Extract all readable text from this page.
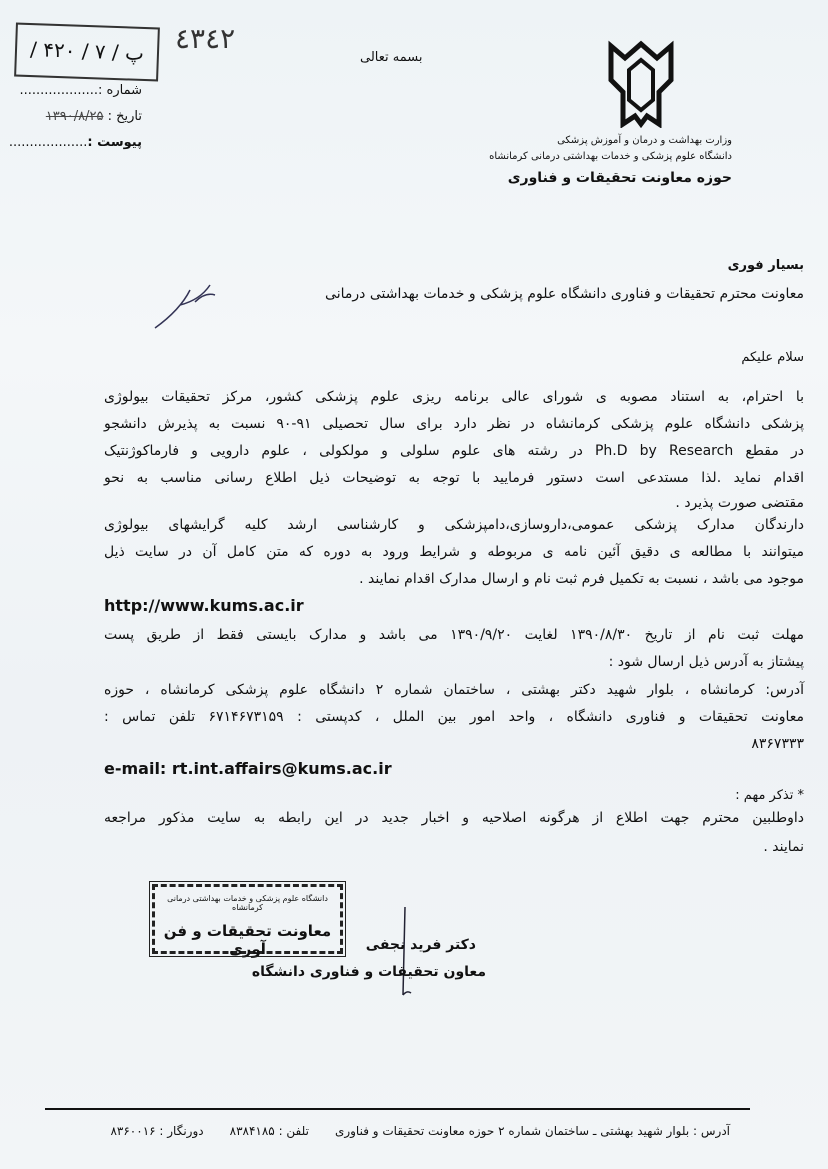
/ ۴۲۰ / ۷ / پ	٤٣٤٢
بسمه تعالی
شماره :...................
تاریخ : ۱۳۹۰/۸/۲۵
پیوست :...................	وزارت بهداشت و درمان و آموزش پزشکی
دانشگاه علوم پزشکی و خدمات بهداشتی درمانی کرمانشاه
حوزه معاونت تحقیقات و فناوری
بسیار فوری
معاونت محترم تحقیقات و فناوری دانشگاه علوم پزشکی و خدمات بهداشتی درمانی
سلام علیکم
با احترام، به استناد مصوبه ی شورای عالی برنامه ریزی علوم پزشکی کشور، مرکز تحقیقات بیولوژی
پزشکی دانشگاه علوم پزشکی کرمانشاه در نظر دارد برای سال تحصیلی ۹۱-۹۰ نسبت به پذیرش دانشجو
در مقطع Ph.D by Research در رشته های علوم سلولی و مولکولی ، علوم دارویی و فارماکوژنتیک
اقدام نماید .لذا مستدعی است دستور فرمایید با توجه به توضیحات ذیل اطلاع رسانی مناسب به نحو
مقتضی صورت پذیرد .
دارندگان مدارک پزشکی عمومی،داروسازی،دامپزشکی و کارشناسی ارشد کلیه گرایشهای بیولوژی
میتوانند با مطالعه ی دقیق آئین نامه ی مربوطه و شرایط ورود به دوره که متن کامل آن در سایت ذیل
موجود می باشد ، نسبت به تکمیل فرم ثبت نام و ارسال مدارک اقدام نمایند .
http://www.kums.ac.ir
مهلت ثبت نام از تاریخ ۱۳۹۰/۸/۳۰ لغایت ۱۳۹۰/۹/۲۰ می باشد و مدارک بایستی فقط از طریق پست
پیشتاز به آدرس ذیل ارسال شود :
آدرس: کرمانشاه ، بلوار شهید دکتر بهشتی ، ساختمان شماره ۲ دانشگاه علوم پزشکی کرمانشاه ، حوزه
معاونت تحقیقات و فناوری دانشگاه ، واحد امور بین الملل ، کدپستی : ۶۷۱۴۶۷۳۱۵۹ تلفن تماس :
۸۳۶۷۳۳۳
e-mail: rt.int.affairs@kums.ac.ir
* تذکر مهم :
داوطلبین محترم جهت اطلاع از هرگونه اصلاحیه و اخبار جدید در این رابطه به سایت مذکور مراجعه
نمایند .
دانشگاه علوم پزشکی و خدمات بهداشتی درمانی کرمانشاه
معاونت تحقیقات و فن آوری	دکتر فرید نجفی
معاون تحقیقات و فناوری دانشگاه
آدرس : بلوار شهید بهشتی ـ ساختمان شماره ۲ حوزه معاونت تحقیقات و فناوری
تلفن : ۸۳۸۴۱۸۵
دورنگار : ۸۳۶۰۰۱۶
